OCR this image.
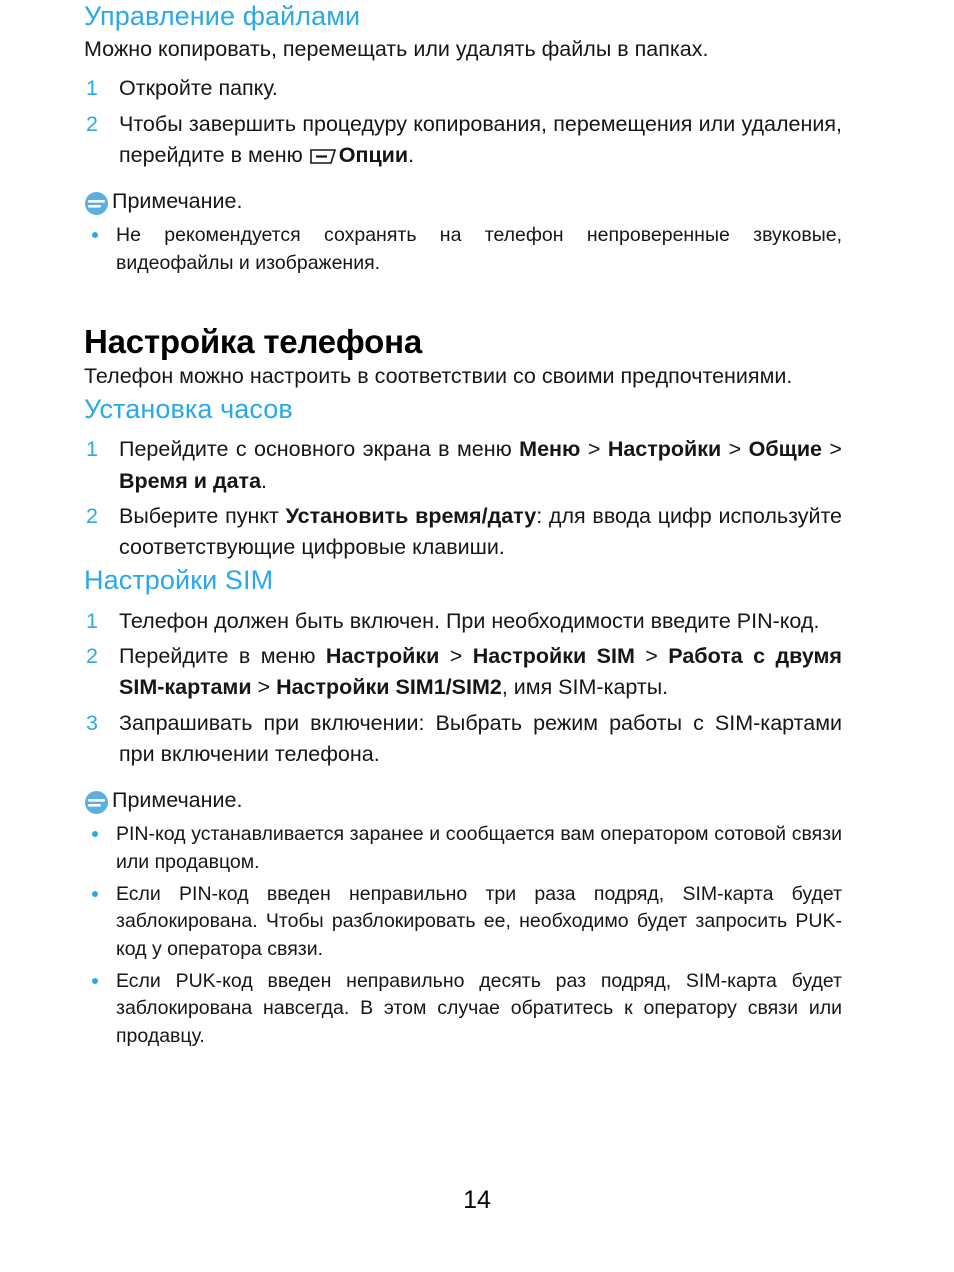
Управление файлами

Можно копировать, перемещать или удалять файлы в папках.

1 Откройте папку.
2 Чтобы завершить процедуру копирования, перемещения или удаления, перейдите в меню Опции.
Примечание.
Не рекомендуется сохранять на телефон непроверенные звуковые, видеофайлы и изображения.
Настройка телефона

Телефон можно настроить в соответствии со своими предпочтениями.

Установка часов
1 Перейдите с основного экрана в меню Меню > Настройки > Общие > Время и дата.
2 Выберите пункт Установить время/дату: для ввода цифр используйте соответствующие цифровые клавиши.
Настройки SIM
1 Телефон должен быть включен. При необходимости введите PIN-код.
2 Перейдите в меню Настройки > Настройки SIM > Работа с двумя SIM-картами > Настройки SIM1/SIM2, имя SIM-карты.
3 Запрашивать при включении: Выбрать режим работы с SIM-картами при включении телефона.
Примечание.
PIN-код устанавливается заранее и сообщается вам оператором сотовой связи или продавцом.
Если PIN-код введен неправильно три раза подряд, SIM-карта будет заблокирована. Чтобы разблокировать ее, необходимо будет запросить PUK-код у оператора связи.
Если PUK-код введен неправильно десять раз подряд, SIM-карта будет заблокирована навсегда. В этом случае обратитесь к оператору связи или продавцу.
14
